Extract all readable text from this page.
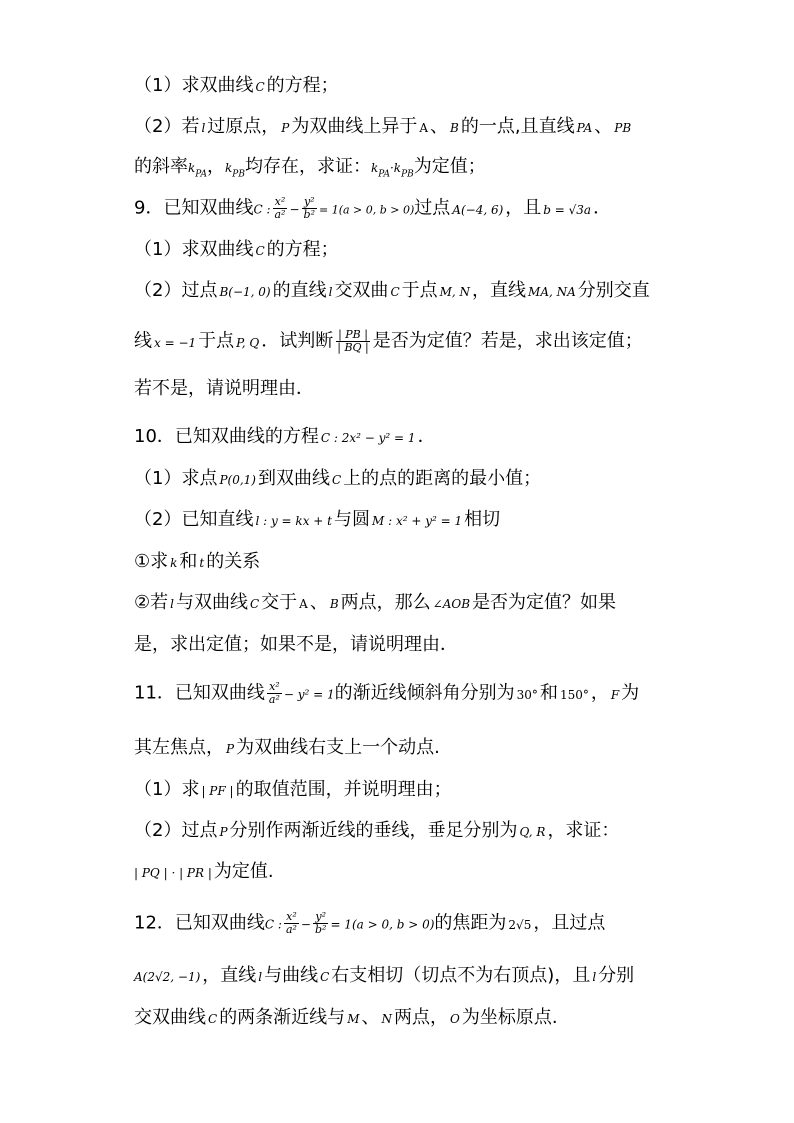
（1）求双曲线 C 的方程；
（2）若 l 过原点， P 为双曲线上异于 A 、 B 的一点,且直线 PA 、 PB
的斜率$k_{PA}$，$k_{PB}$均存在，求证：$k_{PA}\cdot k_{PB}$为定值；
9．已知双曲线C : $\frac{\text{x²}}{\text{a²}} - \frac{\text{y²}}{\text{b²}} = 1(a > 0$, b > 0)过点 A(−4, 6) ，且 b = √3a ．
（1）求双曲线 C 的方程；
（2）过点 B(−1, 0) 的直线 l 交双曲 C 于点 M, N ，直线 MA, NA 分别交直
线 x = −1 于点 P, Q ．试判断 $\frac{| PB |}{| BQ |}$ 是否为定值？若是，求出该定值；
若不是，请说明理由．
10．已知双曲线的方程 C : 2x² − y² = 1 ．
（1）求点 P(0,1) 到双曲线 C 上的点的距离的最小值；
（2）已知直线 l : y = kx + t 与圆 M : x² + y² = 1 相切
①求 k 和 t 的关系
②若 l 与双曲线 C 交于 A 、 B 两点，那么 ∠AOB 是否为定值？如果
是，求出定值；如果不是，请说明理由．
11．已知双曲线 $\frac{\text{x²}}{\text{a²}} - y^2 = 1$的渐近线倾斜角分别为 30° 和 150° ， F 为
其左焦点， P 为双曲线右支上一个动点.
（1）求 | PF | 的取值范围，并说明理由；
（2）过点 P 分别作两渐近线的垂线，垂足分别为 Q, R ，求证：
| PQ | · | PR | 为定值.
12．已知双曲线C : $\frac{\text{x²}}{\text{a²}} - \frac{\text{y²}}{\text{b²}} = 1(a > 0$, b > 0)的焦距为 2√5 ，且过点
A(2√2, −1) ，直线 l 与曲线 C 右支相切（切点不为右顶点)，且 l 分别
交双曲线 C 的两条渐近线与 M 、 N 两点， O 为坐标原点.
